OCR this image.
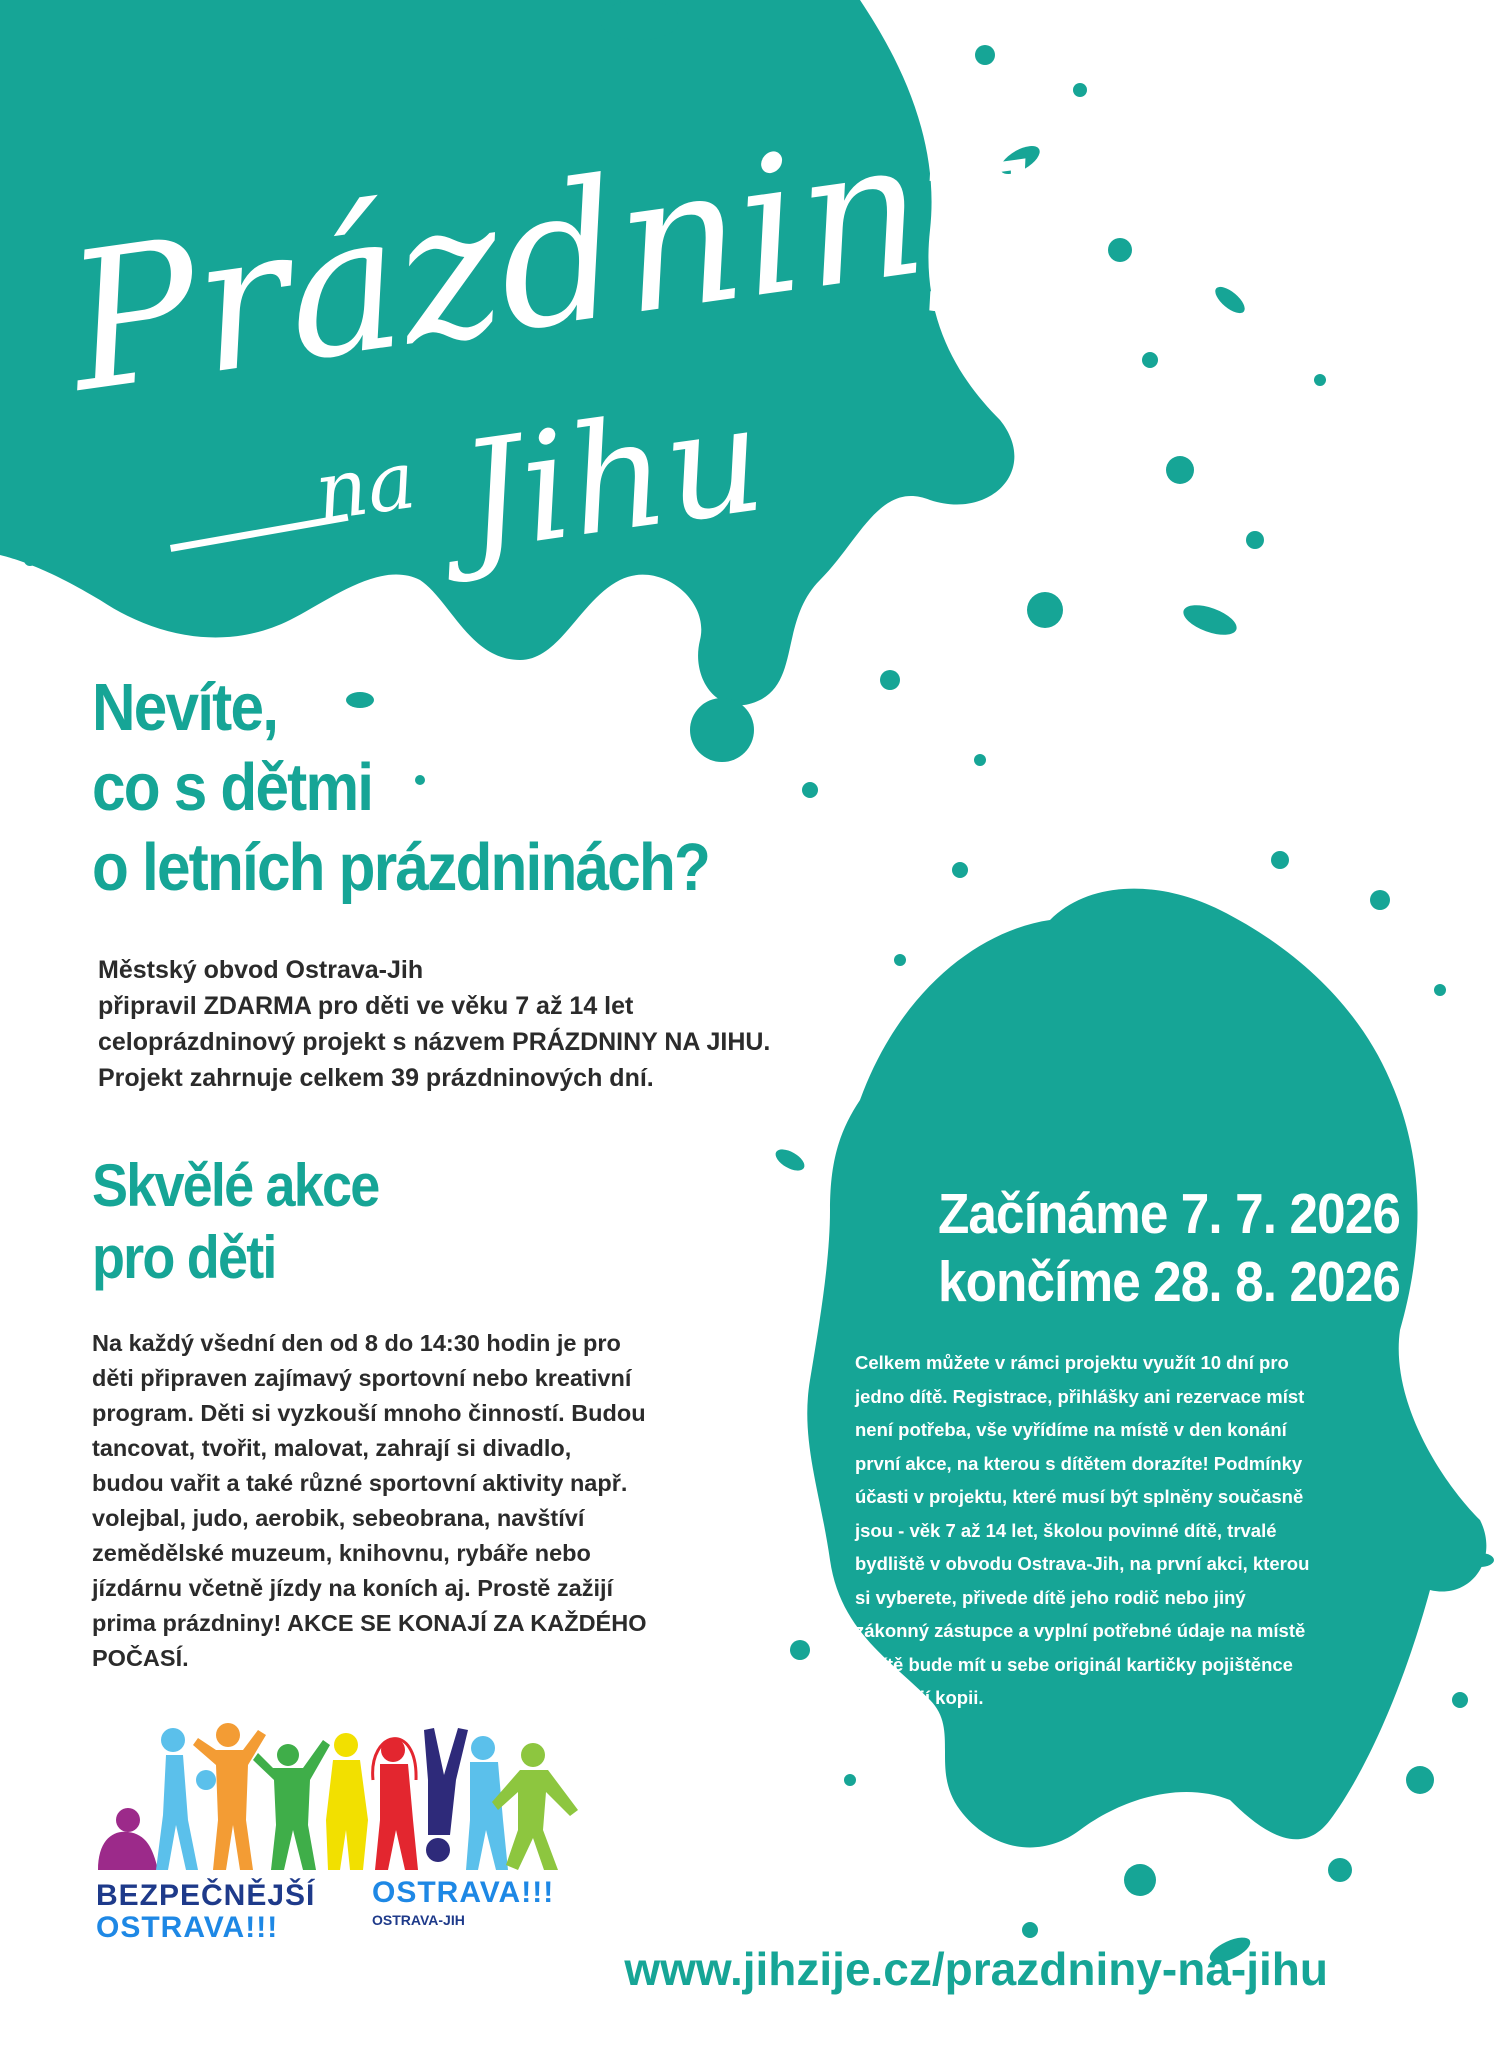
Prázdniny
na Jihu
Nevíte,
co s dětmi
o letních prázdninách?
Městský obvod Ostrava-Jih
připravil ZDARMA pro děti ve věku 7 až 14 let
celoprázdninový projekt s názvem PRÁZDNINY NA JIHU.
Projekt zahrnuje celkem 39 prázdninových dní.
Skvělé akce
pro děti
Na každý všední den od 8 do 14:30 hodin je pro
děti připraven zajímavý sportovní nebo kreativní
program. Děti si vyzkouší mnoho činností. Budou
tancovat, tvořit, malovat, zahrají si divadlo,
budou vařit a také různé sportovní aktivity např.
volejbal, judo, aerobik, sebeobrana, navštíví
zemědělské muzeum, knihovnu, rybáře nebo
jízdárnu včetně jízdy na koních aj. Prostě zažijí
prima prázdniny! AKCE SE KONAJÍ ZA KAŽDÉHO
POČASÍ.
Začínáme 7. 7. 2026
končíme 28. 8. 2026
Celkem můžete v rámci projektu využít 10 dní pro
jedno dítě. Registrace, přihlášky ani rezervace míst
není potřeba, vše vyřídíme na místě v den konání
první akce, na kterou s dítětem dorazíte! Podmínky
účasti v projektu, které musí být splněny současně
jsou - věk 7 až 14 let, školou povinné dítě, trvalé
bydliště v obvodu Ostrava-Jih, na první akci, kterou
si vyberete, přivede dítě jeho rodič nebo jiný
zákonný zástupce a vyplní potřebné údaje na místě
a dítě bude mít u sebe originál kartičky pojištěnce
nebo její kopii.
BEZPEČNĚJŠÍ
OSTRAVA!!!
OSTRAVA!!!
OSTRAVA-JIH
www.jihzije.cz/prazdniny-na-jihu
